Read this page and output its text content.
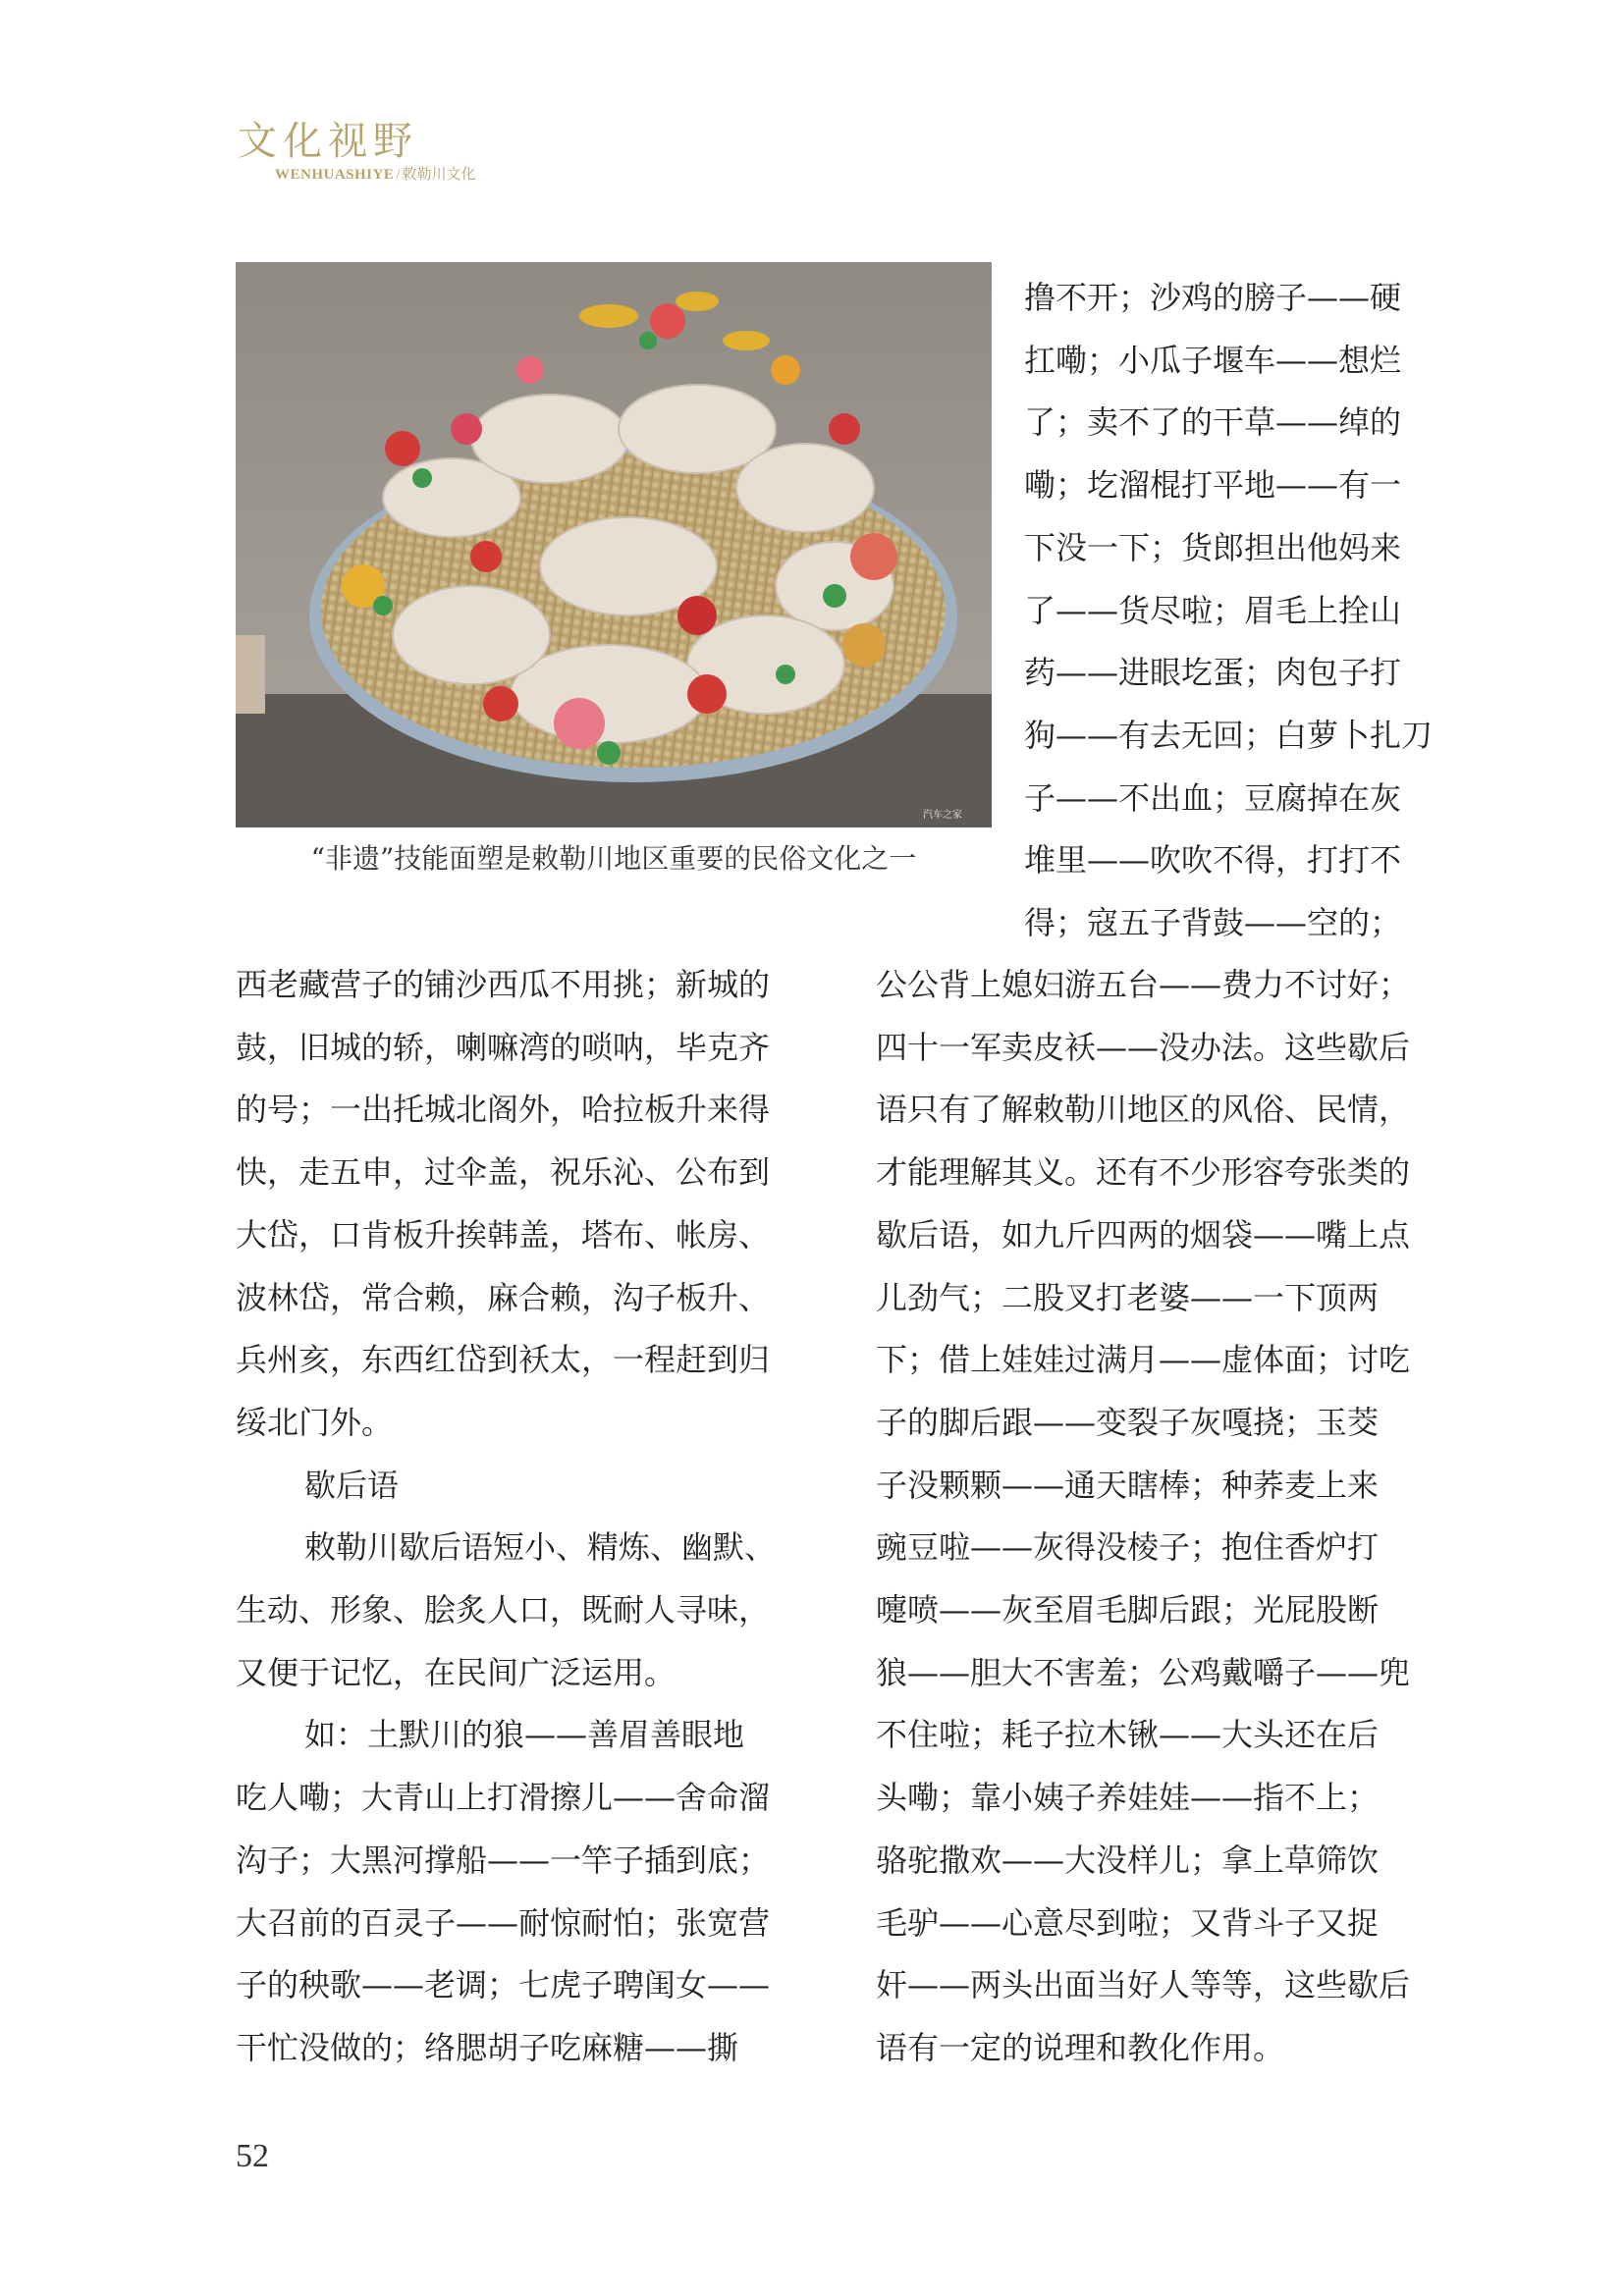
文化视野
WENHUASHIYE / 敕勒川文化
汽车之家
“非遗”技能面塑是敕勒川地区重要的民俗文化之一

撸不开；沙鸡的膀子——硬

扛嘞；小瓜子堰车——想烂

了；卖不了的干草——绰的

嘞；圪溜棍打平地——有一

下没一下；货郎担出他妈来

了——货尽啦；眉毛上拴山

药——进眼圪蛋；肉包子打

狗——有去无回；白萝卜扎刀

子——不出血；豆腐掉在灰

堆里——吹吹不得，打打不

得；寇五子背鼓——空的；

西老藏营子的铺沙西瓜不用挑；新城的

鼓，旧城的轿，喇嘛湾的唢呐，毕克齐

的号；一出托城北阁外，哈拉板升来得

快，走五申，过伞盖，祝乐沁、公布到

大岱，口肯板升挨韩盖，塔布、帐房、

波林岱，常合赖，麻合赖，沟子板升、

兵州亥，东西红岱到袄太，一程赶到归

绥北门外。

歇后语

敕勒川歇后语短小、精炼、幽默、

生动、形象、脍炙人口，既耐人寻味，

又便于记忆，在民间广泛运用。

如：土默川的狼——善眉善眼地

吃人嘞；大青山上打滑擦儿——舍命溜

沟子；大黑河撑船——一竿子插到底；

大召前的百灵子——耐惊耐怕；张宽营

子的秧歌——老调；七虎子聘闺女——

干忙没做的；络腮胡子吃麻糖——撕

公公背上媳妇游五台——费力不讨好；

四十一军卖皮袄——没办法。这些歇后

语只有了解敕勒川地区的风俗、民情，

才能理解其义。还有不少形容夸张类的

歇后语，如九斤四两的烟袋——嘴上点

儿劲气；二股叉打老婆——一下顶两

下；借上娃娃过满月——虚体面；讨吃

子的脚后跟——变裂子灰嘎挠；玉茭

子没颗颗——通天瞎棒；种荞麦上来

豌豆啦——灰得没棱子；抱住香炉打

嚏喷——灰至眉毛脚后跟；光屁股断

狼——胆大不害羞；公鸡戴嚼子——兜

不住啦；耗子拉木锹——大头还在后

头嘞；靠小姨子养娃娃——指不上；

骆驼撒欢——大没样儿；拿上草筛饮

毛驴——心意尽到啦；又背斗子又捉

奸——两头出面当好人等等，这些歇后

语有一定的说理和教化作用。

52
